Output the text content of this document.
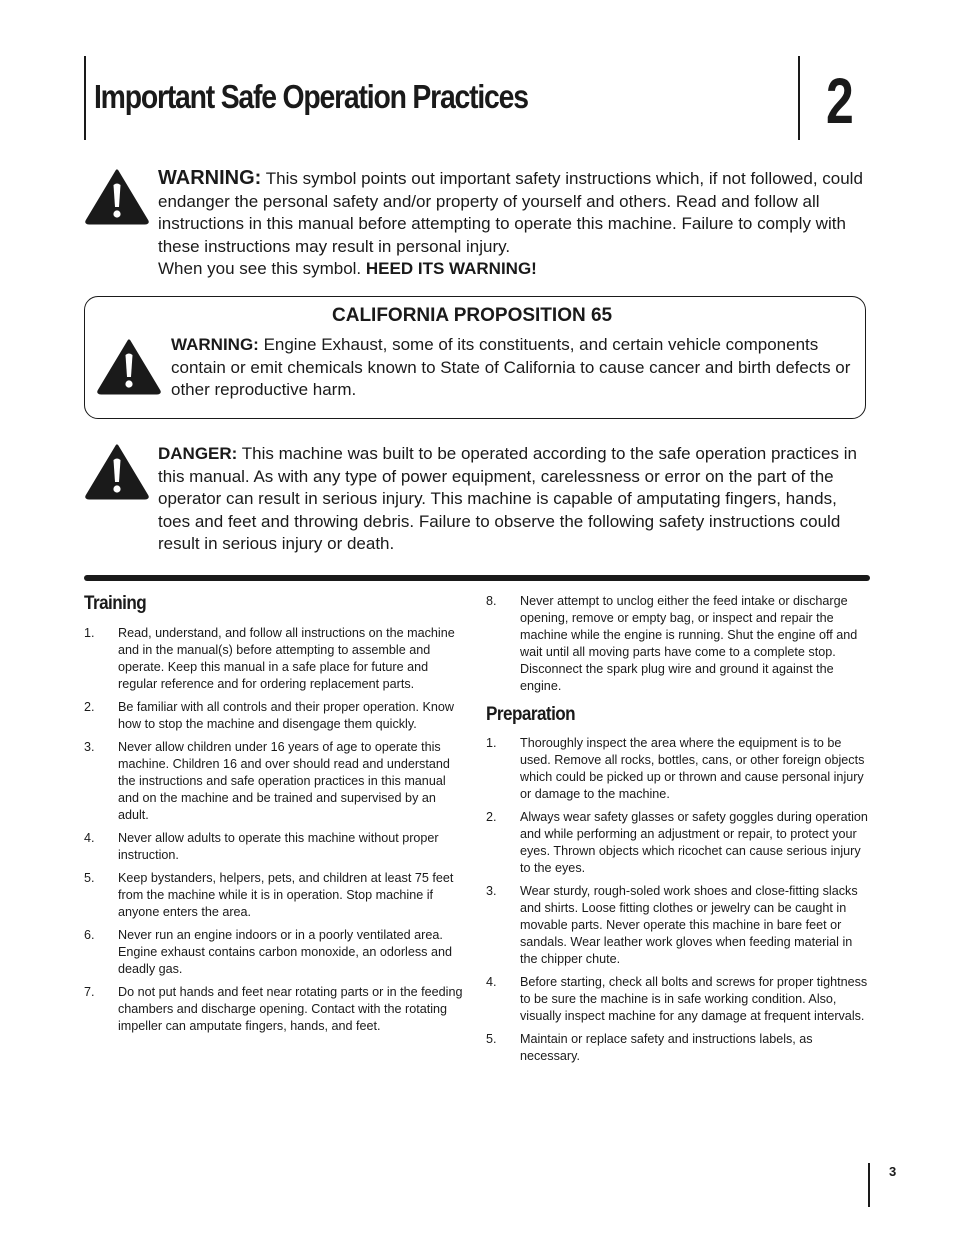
Important Safe Operation Practices	2
WARNING: This symbol points out important safety instructions which, if not followed, could endanger the personal safety and/or property of yourself and others. Read and follow all instructions in this manual before attempting to operate this machine. Failure to comply with these instructions may result in personal injury.
When you see this symbol. HEED ITS WARNING!
CALIFORNIA PROPOSITION 65
WARNING: Engine Exhaust, some of its constituents, and certain vehicle components contain or emit chemicals known to State of California to cause cancer and birth defects or other reproductive harm.
DANGER: This machine was built to be operated according to the safe operation practices in this manual. As with any type of power equipment, carelessness or error on the part of the operator can result in serious injury. This machine is capable of amputating fingers, hands, toes and feet and throwing debris. Failure to observe the following safety instructions could result in serious injury or death.
Training
1.	Read, understand, and follow all instructions on the machine and in the manual(s) before attempting to assemble and operate. Keep this manual in a safe place for future and regular reference and for ordering replacement parts.
2.	Be familiar with all controls and their proper operation. Know how to stop the machine and disengage them quickly.
3.	Never allow children under 16 years of age to operate this machine. Children 16 and over should read and understand the instructions and safe operation practices in this manual and on the machine and be trained and supervised by an adult.
4.	Never allow adults to operate this machine without proper instruction.
5.	Keep bystanders, helpers, pets, and children at least 75 feet from the machine while it is in operation. Stop machine if anyone enters the area.
6.	Never run an engine indoors or in a poorly ventilated area. Engine exhaust contains carbon monoxide, an odorless and deadly gas.
7.	Do not put hands and feet near rotating parts or in the feeding chambers and discharge opening. Contact with the rotating impeller can amputate fingers, hands, and feet.
8.	Never attempt to unclog either the feed intake or discharge opening, remove or empty bag, or inspect and repair the machine while the engine is running. Shut the engine off and wait until all moving parts have come to a complete stop. Disconnect the spark plug wire and ground it against the engine.
Preparation
1.	Thoroughly inspect the area where the equipment is to be used. Remove all rocks, bottles, cans, or other foreign objects which could be picked up or thrown and cause personal injury or damage to the machine.
2.	Always wear safety glasses or safety goggles during operation and while performing an adjustment or repair, to protect your eyes. Thrown objects which ricochet can cause serious injury to the eyes.
3.	Wear sturdy, rough-soled work shoes and close-fitting slacks and shirts. Loose fitting clothes or jewelry can be caught in movable parts. Never operate this machine in bare feet or sandals. Wear leather work gloves when feeding material in the chipper chute.
4.	Before starting, check all bolts and screws for proper tightness to be sure the machine is in safe working condition. Also, visually inspect machine for any damage at frequent intervals.
5.	Maintain or replace safety and instructions labels, as necessary.
3
